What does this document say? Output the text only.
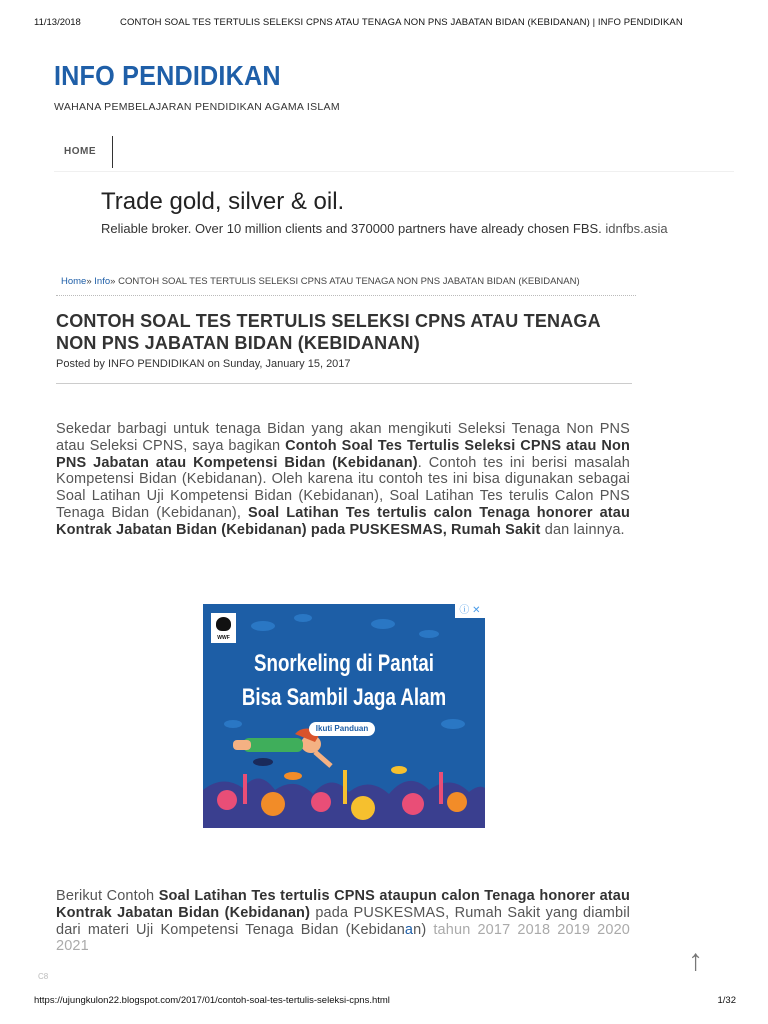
11/13/2018	CONTOH SOAL TES TERTULIS SELEKSI CPNS ATAU TENAGA NON PNS JABATAN BIDAN (KEBIDANAN) | INFO PENDIDIKAN
INFO PENDIDIKAN
WAHANA PEMBELAJARAN PENDIDIKAN AGAMA ISLAM
HOME
Trade gold, silver & oil.
Reliable broker. Over 10 million clients and 370000 partners have already chosen FBS. idnfbs.asia
Home» Info» CONTOH SOAL TES TERTULIS SELEKSI CPNS ATAU TENAGA NON PNS JABATAN BIDAN (KEBIDANAN)
CONTOH SOAL TES TERTULIS SELEKSI CPNS ATAU TENAGA NON PNS JABATAN BIDAN (KEBIDANAN)
Posted by INFO PENDIDIKAN on Sunday, January 15, 2017

Sekedar barbagi untuk tenaga Bidan yang akan mengikuti Seleksi Tenaga Non PNS atau Seleksi CPNS, saya bagikan Contoh Soal Tes Tertulis Seleksi CPNS atau Non PNS Jabatan atau Kompetensi Bidan (Kebidanan). Contoh tes ini berisi masalah Kompetensi Bidan (Kebidanan). Oleh karena itu contoh tes ini bisa digunakan sebagai Soal Latihan Uji Kompetensi Bidan (Kebidanan), Soal Latihan Tes terulis Calon PNS Tenaga Bidan (Kebidanan), Soal Latihan Tes tertulis calon Tenaga honorer atau Kontrak Jabatan Bidan (Kebidanan) pada PUSKESMAS, Rumah Sakit dan lainnya.

WWF
ⓘ ✕
Snorkeling di Pantai
Bisa Sambil Jaga Alam
Ikuti Panduan

Berikut Contoh Soal Latihan Tes tertulis CPNS ataupun calon Tenaga honorer atau Kontrak Jabatan Bidan (Kebidanan) pada PUSKESMAS, Rumah Sakit yang diambil dari materi Uji Kompetensi Tenaga Bidan (Kebidanan) tahun 2017 2018 2019 2020 2021	↑
C8
https://ujungkulon22.blogspot.com/2017/01/contoh-soal-tes-tertulis-seleksi-cpns.html	1/32
